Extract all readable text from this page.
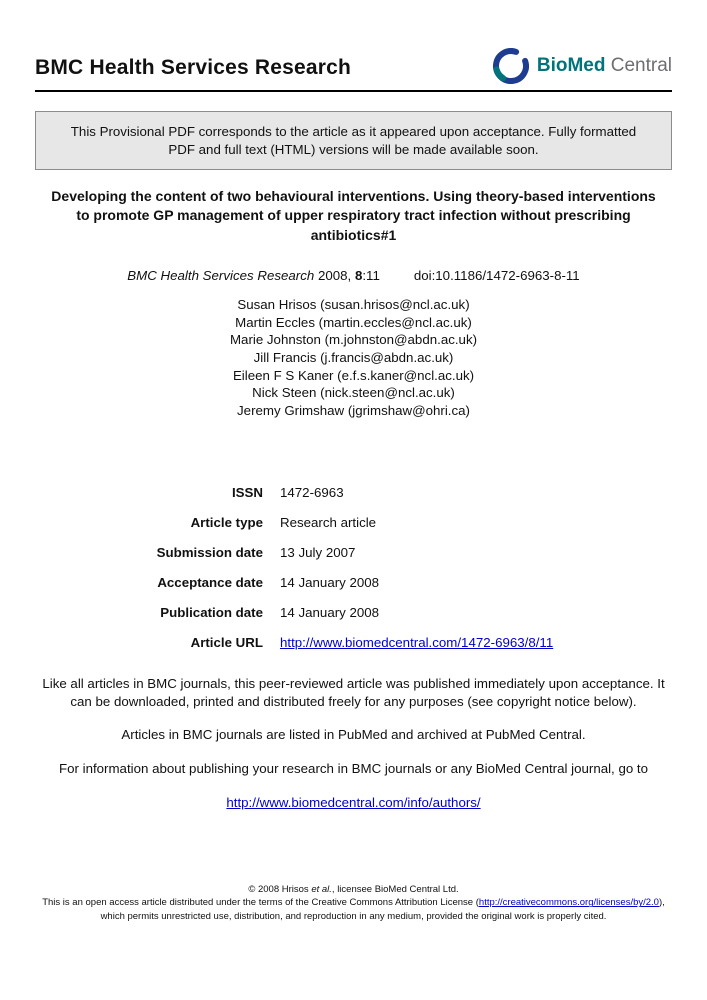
BMC Health Services Research	BioMed Central
This Provisional PDF corresponds to the article as it appeared upon acceptance. Fully formatted PDF and full text (HTML) versions will be made available soon.
Developing the content of two behavioural interventions. Using theory-based interventions to promote GP management of upper respiratory tract infection without prescribing antibiotics#1
BMC Health Services Research 2008, 8:11	doi:10.1186/1472-6963-8-11
Susan Hrisos (susan.hrisos@ncl.ac.uk)
Martin Eccles (martin.eccles@ncl.ac.uk)
Marie Johnston (m.johnston@abdn.ac.uk)
Jill Francis (j.francis@abdn.ac.uk)
Eileen F S Kaner (e.f.s.kaner@ncl.ac.uk)
Nick Steen (nick.steen@ncl.ac.uk)
Jeremy Grimshaw (jgrimshaw@ohri.ca)
ISSN 1472-6963
Article type Research article
Submission date 13 July 2007
Acceptance date 14 January 2008
Publication date 14 January 2008
Article URL http://www.biomedcentral.com/1472-6963/8/11

Like all articles in BMC journals, this peer-reviewed article was published immediately upon acceptance. It can be downloaded, printed and distributed freely for any purposes (see copyright notice below).

Articles in BMC journals are listed in PubMed and archived at PubMed Central.

For information about publishing your research in BMC journals or any BioMed Central journal, go to

http://www.biomedcentral.com/info/authors/

© 2008 Hrisos et al., licensee BioMed Central Ltd.
This is an open access article distributed under the terms of the Creative Commons Attribution License (http://creativecommons.org/licenses/by/2.0),
which permits unrestricted use, distribution, and reproduction in any medium, provided the original work is properly cited.
